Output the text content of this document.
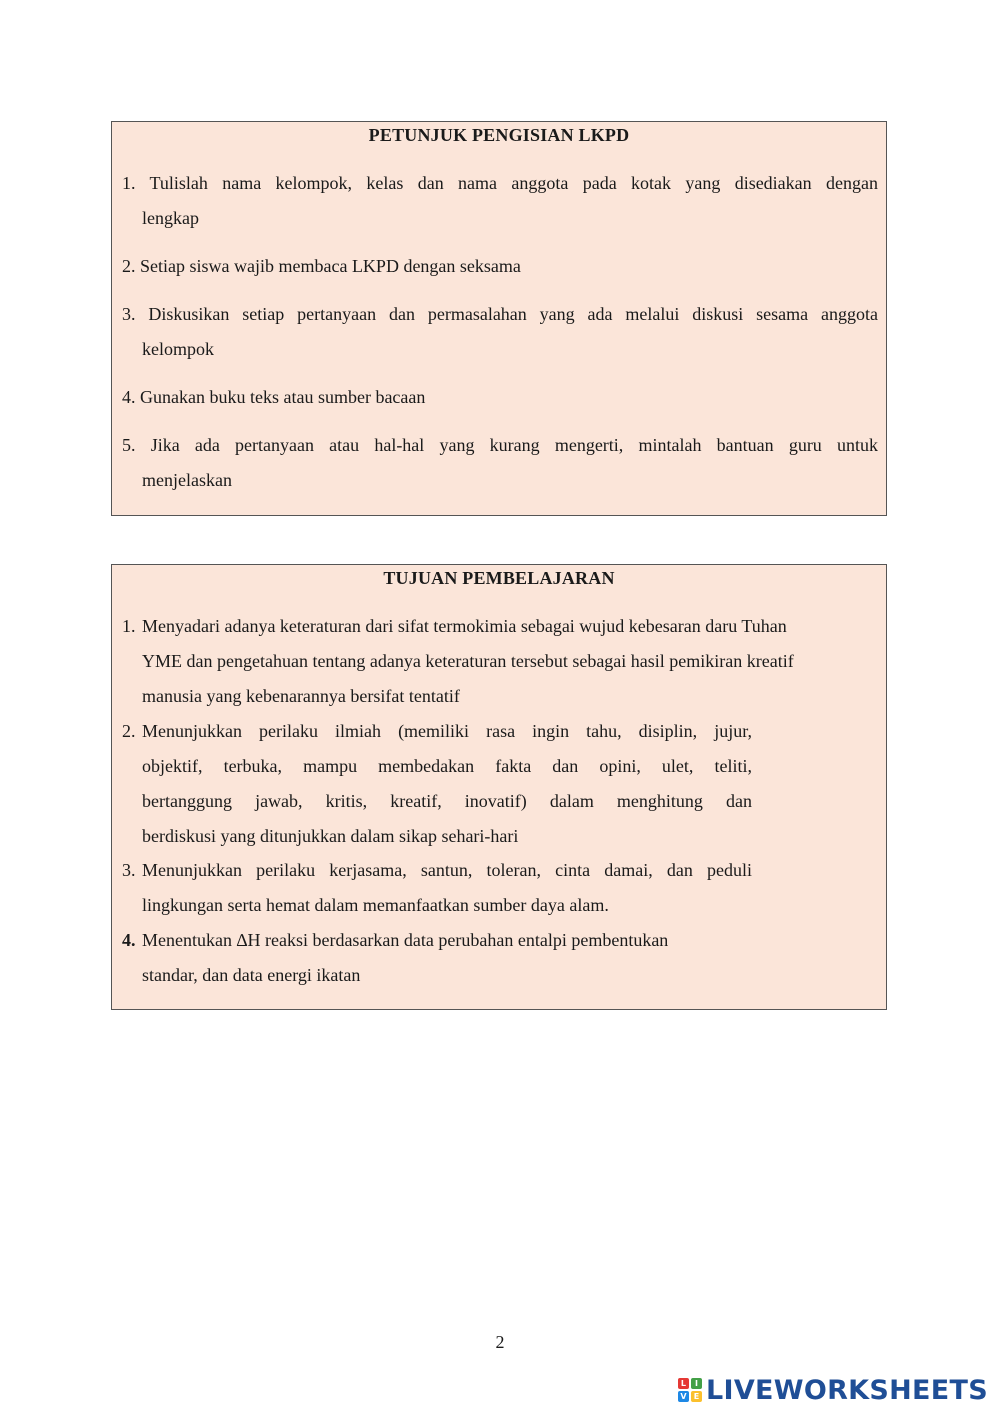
PETUNJUK PENGISIAN LKPD
1. Tulislah nama kelompok, kelas dan nama anggota pada kotak yang disediakan dengan
lengkap
2. Setiap siswa wajib membaca LKPD dengan seksama
3. Diskusikan setiap pertanyaan dan permasalahan yang ada melalui diskusi sesama anggota
kelompok
4. Gunakan buku teks atau sumber bacaan
5. Jika ada pertanyaan atau hal-hal yang kurang mengerti, mintalah bantuan guru untuk
menjelaskan
TUJUAN PEMBELAJARAN
1. Menyadari adanya keteraturan dari sifat termokimia sebagai wujud kebesaran daru Tuhan
YME dan pengetahuan tentang adanya keteraturan tersebut sebagai hasil pemikiran kreatif
manusia yang kebenarannya bersifat tentatif
2. Menunjukkan perilaku ilmiah (memiliki rasa ingin tahu, disiplin, jujur,
objektif, terbuka, mampu membedakan fakta dan opini, ulet, teliti,
bertanggung jawab, kritis, kreatif, inovatif) dalam menghitung dan
berdiskusi yang ditunjukkan dalam sikap sehari-hari
3. Menunjukkan perilaku kerjasama, santun, toleran, cinta damai, dan peduli
lingkungan serta hemat dalam memanfaatkan sumber daya alam.
4. Menentukan ∆H reaksi berdasarkan data perubahan entalpi pembentukan
standar, dan data energi ikatan
2
L	I
V E LIVEWORKSHEETS
